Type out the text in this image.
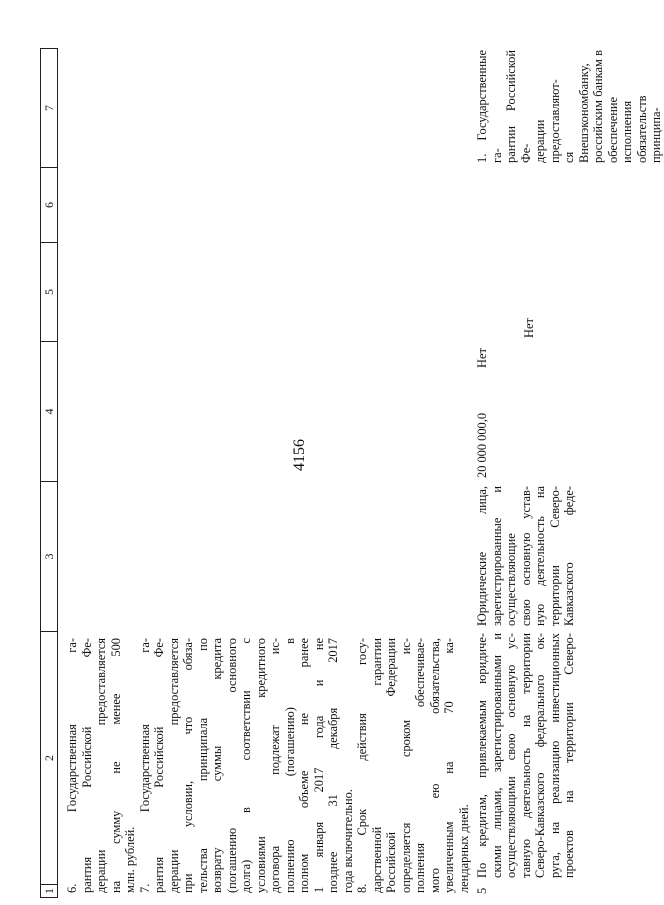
4156
1
2
3
4
5
6
7
6. Государственная га- рантия Российской Фе- дерации предоставляется на сумму не менее 500 млн. рублей. 7. Государственная га- рантия Российской Фе- дерации предоставляется при условии, что обяза- тельства принципала по возврату суммы кредита (погашению основного долга) в соответствии с условиями кредитного договора подлежат ис- полнению (погашению) в полном объеме не ранее 1 января 2017 года и не позднее 31 декабря 2017 года включительно. 8. Срок действия госу- дарственной гарантии Российской Федерации определяется сроком ис- полнения обеспечивае- мого ею обязательства, увеличенным на 70 ка- лендарных дней. 5
По кредитам, привлекаемым юридиче- скими лицами, зарегистрированными и осуществляющими свою основную ус- тавную деятельность на территории Северо-Кавказского федерального ок- руга, на реализацию инвестиционных проектов на территории Северо-
Юридические лица, зарегистрированные и осуществляющие свою основную устав- ную деятельность на территории Северо- Кавказского феде-
20 000 000,0
Нет
Нет
1. Государственные га- рантии Российской Фе- дерации предоставляют- ся Внешэкономбанку, российским банкам в обеспечение исполнения обязательств принципа-
